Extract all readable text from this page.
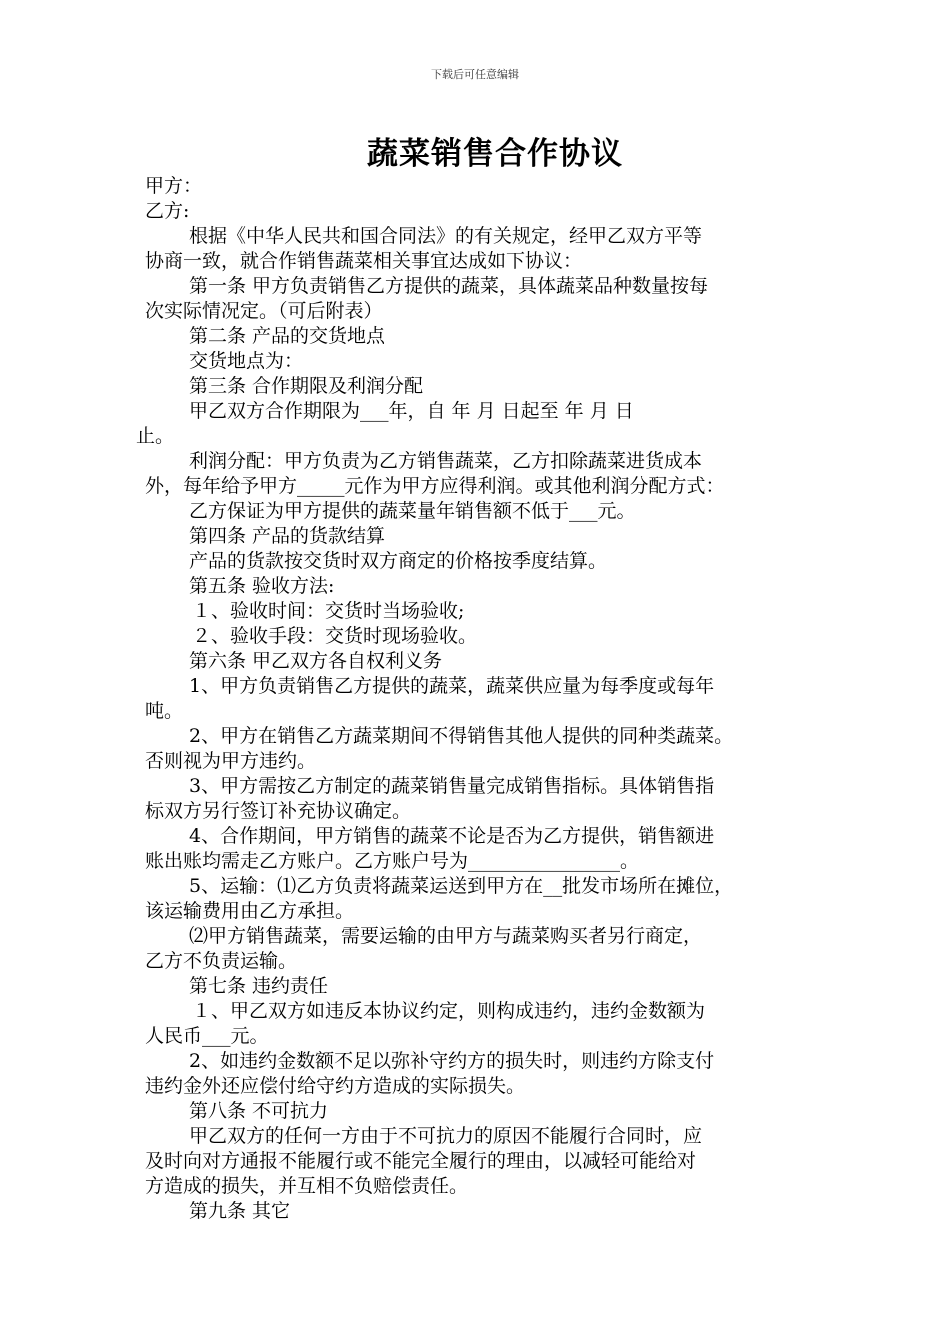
下载后可任意编辑
蔬菜销售合作协议
甲方：
乙方:
根据《中华人民共和国合同法》的有关规定，经甲乙双方平等
协商一致，就合作销售蔬菜相关事宜达成如下协议：
第一条 甲方负责销售乙方提供的蔬菜，具体蔬菜品种数量按每
次实际情况定。（可后附表）
第二条 产品的交货地点
交货地点为：
第三条 合作期限及利润分配
甲乙双方合作期限为___年，自 年 月 日起至 年 月 日
止。
利润分配：甲方负责为乙方销售蔬菜，乙方扣除蔬菜进货成本
外，每年给予甲方_____元作为甲方应得利润。或其他利润分配方式：
乙方保证为甲方提供的蔬菜量年销售额不低于___元。
第四条 产品的货款结算
产品的货款按交货时双方商定的价格按季度结算。
第五条 验收方法:
１、验收时间：交货时当场验收;
２、验收手段：交货时现场验收。
第六条 甲乙双方各自权利义务
1、甲方负责销售乙方提供的蔬菜，蔬菜供应量为每季度或每年
吨。
2、甲方在销售乙方蔬菜期间不得销售其他人提供的同种类蔬菜。
否则视为甲方违约。
3、甲方需按乙方制定的蔬菜销售量完成销售指标。具体销售指
标双方另行签订补充协议确定。
4、合作期间，甲方销售的蔬菜不论是否为乙方提供，销售额进
账出账均需走乙方账户。乙方账户号为________________。
5、运输：⑴乙方负责将蔬菜运送到甲方在__批发市场所在摊位，
该运输费用由乙方承担。
⑵甲方销售蔬菜，需要运输的由甲方与蔬菜购买者另行商定，
乙方不负责运输。
第七条 违约责任
１、甲乙双方如违反本协议约定，则构成违约，违约金数额为
人民币___元。
2、如违约金数额不足以弥补守约方的损失时，则违约方除支付
违约金外还应偿付给守约方造成的实际损失。
第八条 不可抗力
甲乙双方的任何一方由于不可抗力的原因不能履行合同时，应
及时向对方通报不能履行或不能完全履行的理由，以减轻可能给对
方造成的损失，并互相不负赔偿责任。
第九条 其它
